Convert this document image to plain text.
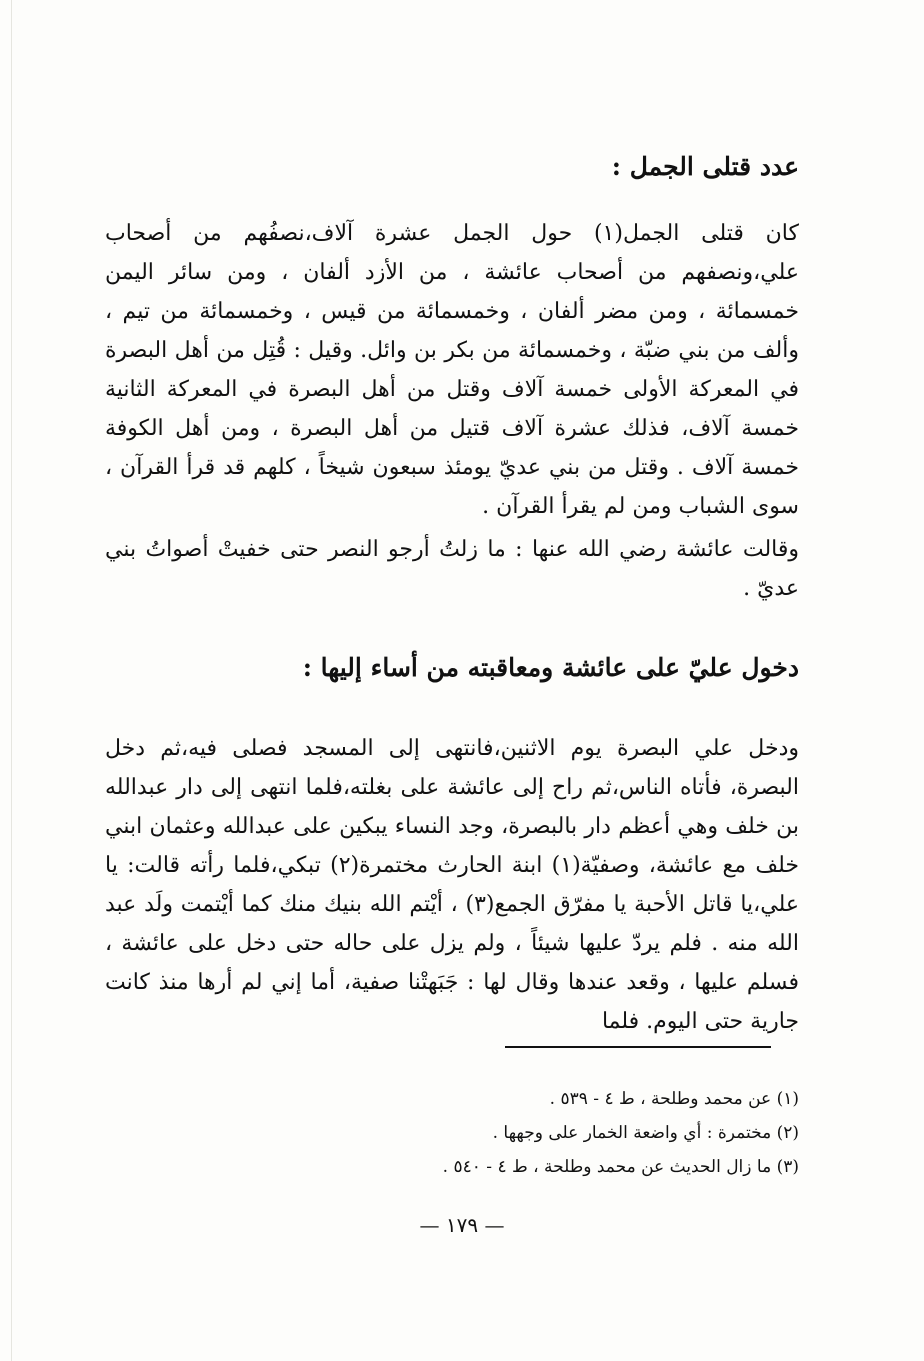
عدد قتلى الجمل :

كان قتلى الجمل(١) حول الجمل عشرة آلاف،نصفُهم من أصحاب علي،ونصفهم من أصحاب عائشة ، من الأزد ألفان ، ومن سائر اليمن خمسمائة ، ومن مضر ألفان ، وخمسمائة من قيس ، وخمسمائة من تيم ، وألف من بني ضبّة ، وخمسمائة من بكر بن وائل. وقيل : قُتِل من أهل البصرة في المعركة الأولى خمسة آلاف وقتل من أهل البصرة في المعركة الثانية خمسة آلاف، فذلك عشرة آلاف قتيل من أهل البصرة ، ومن أهل الكوفة خمسة آلاف . وقتل من بني عديّ يومئذ سبعون شيخاً ، كلهم قد قرأ القرآن ، سوى الشباب ومن لم يقرأ القرآن .

وقالت عائشة رضي الله عنها : ما زلتُ أرجو النصر حتى خفيتْ أصواتُ بني عديّ .

دخول عليّ على عائشة ومعاقبته من أساء إليها :

ودخل علي البصرة يوم الاثنين،فانتهى إلى المسجد فصلى فيه،ثم دخل البصرة، فأتاه الناس،ثم راح إلى عائشة على بغلته،فلما انتهى إلى دار عبدالله بن خلف وهي أعظم دار بالبصرة، وجد النساء يبكين على عبدالله وعثمان ابني خلف مع عائشة، وصفيّة(١) ابنة الحارث مختمرة(٢) تبكي،فلما رأته قالت: يا علي،يا قاتل الأحبة يا مفرّق الجمع(٣) ، أيْتم الله بنيك منك كما أيْتمت ولَد عبد الله منه . فلم يردّ عليها شيئاً ، ولم يزل على حاله حتى دخل على عائشة ، فسلم عليها ، وقعد عندها وقال لها : جَبَهتْنا صفية، أما إني لم أرها منذ كانت جارية حتى اليوم. فلما

(١) عن محمد وطلحة ، ط ٤ - ٥٣٩ .
(٢) مختمرة : أي واضعة الخمار على وجهها .
(٣) ما زال الحديث عن محمد وطلحة ، ط ٤ - ٥٤٠ .
— ١٧٩ —
